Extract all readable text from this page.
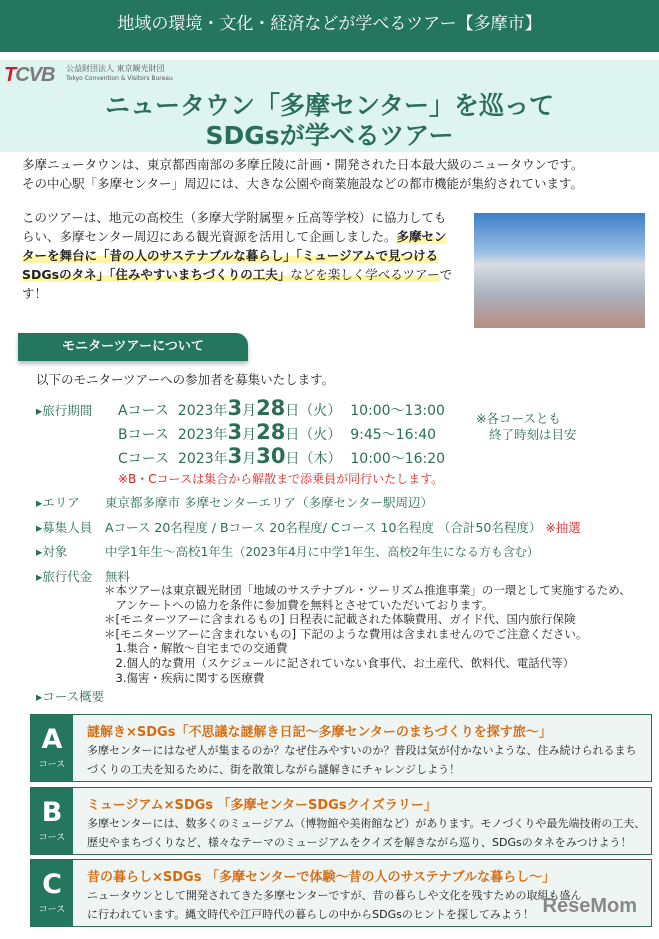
地域の環境・文化・経済などが学べるツアー【多摩市】
TCVB 公益財団法人 東京観光財団
Tokyo Convention & Visitors Bureau
ニュータウン「多摩センター」を巡って
SDGsが学べるツアー

多摩ニュータウンは、東京都西南部の多摩丘陵に計画・開発された日本最大級のニュータウンです。
その中心駅「多摩センター」周辺には、大きな公園や商業施設などの都市機能が集約されています。

このツアーは、地元の高校生（多摩大学附属聖ヶ丘高等学校）に協力してもらい、多摩センター周辺にある観光資源を活用して企画しました。多摩センターを舞台に「昔の人のサステナブルな暮らし」「ミュージアムで見つけるSDGsのタネ」「住みやすいまちづくりの工夫」などを楽しく学べるツアーです！

モニターツアーについて
以下のモニターツアーへの参加者を募集いたします。
▸旅行期間 Aコース 2023年3月28日（火） 10:00～13:00
Bコース 2023年3月28日（火） 9:45～16:40
Cコース 2023年3月30日（木） 10:00～16:20
※B・Cコースは集合から解散まで添乗員が同行いたします。
※各コースとも
終了時刻は目安
▸エリア 東京都多摩市 多摩センターエリア（多摩センター駅周辺）
▸募集人員 Aコース 20名程度 / Bコース 20名程度/ Cコース 10名程度 （合計50名程度） ※抽選
▸対象	中学1年生～高校1年生（2023年4月に中学1年生、高校2年生になる方も含む）
▸旅行代金 無料
＊本ツアーは東京観光財団「地域のサステナブル・ツーリズム推進事業」の一環として実施するため、
　アンケートへの協力を条件に参加費を無料とさせていただいております。
＊[モニターツアーに含まれるもの] 日程表に記載された体験費用、ガイド代、国内旅行保険
＊[モニターツアーに含まれないもの] 下記のような費用は含まれませんのでご注意ください。
　1.集合・解散～自宅までの交通費
　2.個人的な費用（スケジュールに記されていない食事代、お土産代、飲料代、電話代等）
　3.傷害・疾病に関する医療費
▸コース概要
A
コース
謎解き×SDGs「不思議な謎解き日記～多摩センターのまちづくりを探す旅～」
多摩センターにはなぜ人が集まるのか？なぜ住みやすいのか？普段は気が付かないような、住み続けられるまちづくりの工夫を知るために、街を散策しながら謎解きにチャレンジしよう！
B
コース
ミュージアム×SDGs 「多摩センターSDGsクイズラリー」
多摩センターには、数多くのミュージアム（博物館や美術館など）があります。モノづくりや最先端技術の工夫、歴史やまちづくりなど、様々なテーマのミュージアムをクイズを解きながら巡り、SDGsのタネをみつけよう！
C
コース
昔の暮らし×SDGs 「多摩センターで体験～昔の人のサステナブルな暮らし～」
ニュータウンとして開発されてきた多摩センターですが、昔の暮らしや文化を残すための取組も盛んに行われています。縄文時代や江戸時代の暮らしの中からSDGsのヒントを探してみよう！ ReseMom
